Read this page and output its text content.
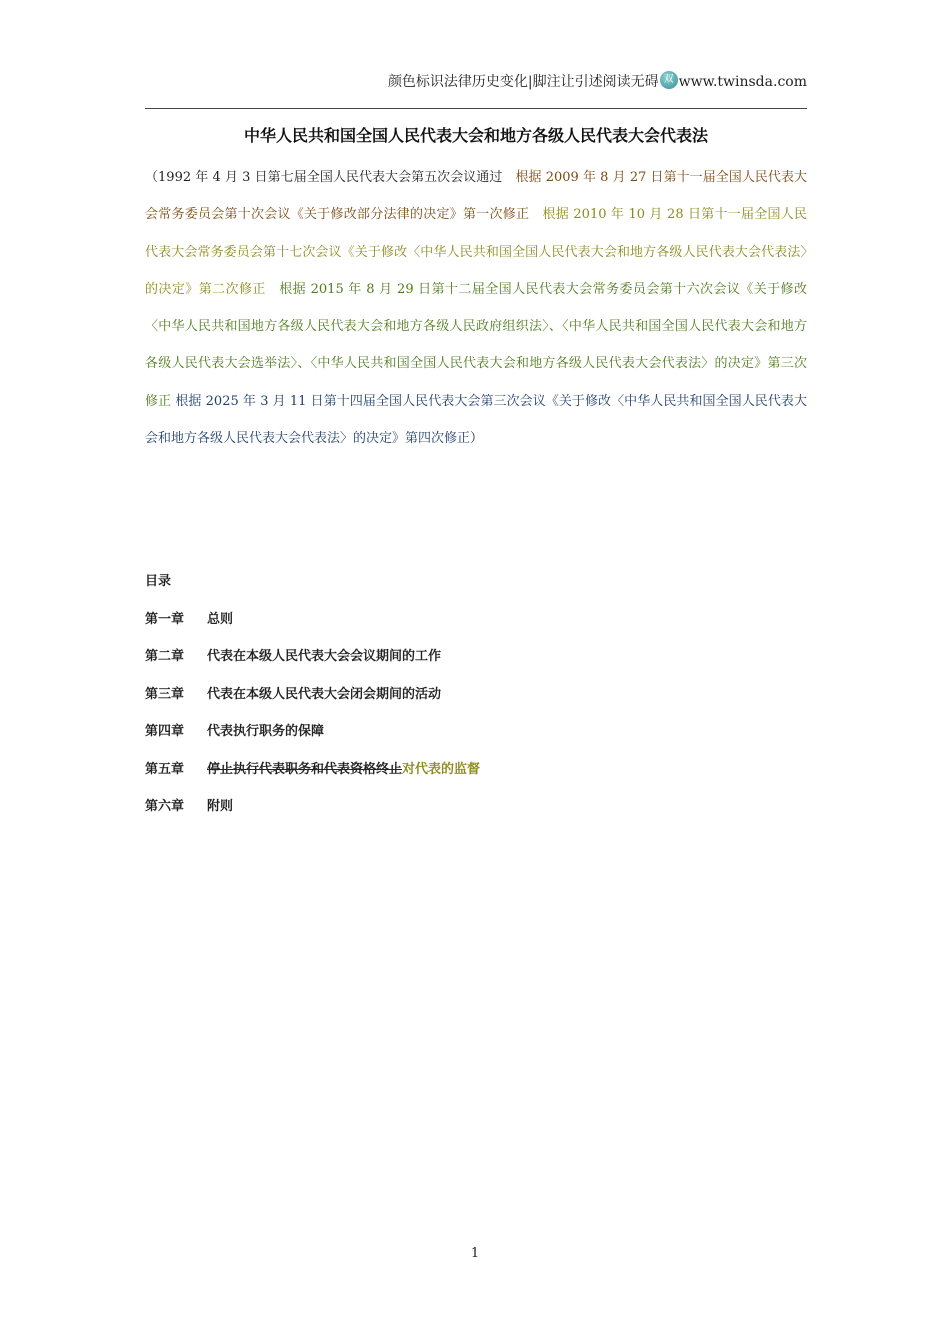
颜色标识法律历史变化|脚注让引述阅读无碍 双 www.twinsda.com
中华人民共和国全国人民代表大会和地方各级人民代表大会代表法
（1992 年 4 月 3 日第七届全国人民代表大会第五次会议通过　根据 2009 年 8 月 27 日第十一届全国人民代表大会常务委员会第十次会议《关于修改部分法律的决定》第一次修正　根据 2010 年 10 月 28 日第十一届全国人民代表大会常务委员会第十七次会议《关于修改〈中华人民共和国全国人民代表大会和地方各级人民代表大会代表法〉的决定》第二次修正　根据 2015 年 8 月 29 日第十二届全国人民代表大会常务委员会第十六次会议《关于修改〈中华人民共和国地方各级人民代表大会和地方各级人民政府组织法〉、〈中华人民共和国全国人民代表大会和地方各级人民代表大会选举法〉、〈中华人民共和国全国人民代表大会和地方各级人民代表大会代表法〉的决定》第三次修正 根据 2025 年 3 月 11 日第十四届全国人民代表大会第三次会议《关于修改〈中华人民共和国全国人民代表大会和地方各级人民代表大会代表法〉的决定》第四次修正）
目录
第一章 总则
第二章 代表在本级人民代表大会会议期间的工作
第三章 代表在本级人民代表大会闭会期间的活动
第四章 代表执行职务的保障
第五章 停止执行代表职务和代表资格终止对代表的监督
第六章 附则
1
